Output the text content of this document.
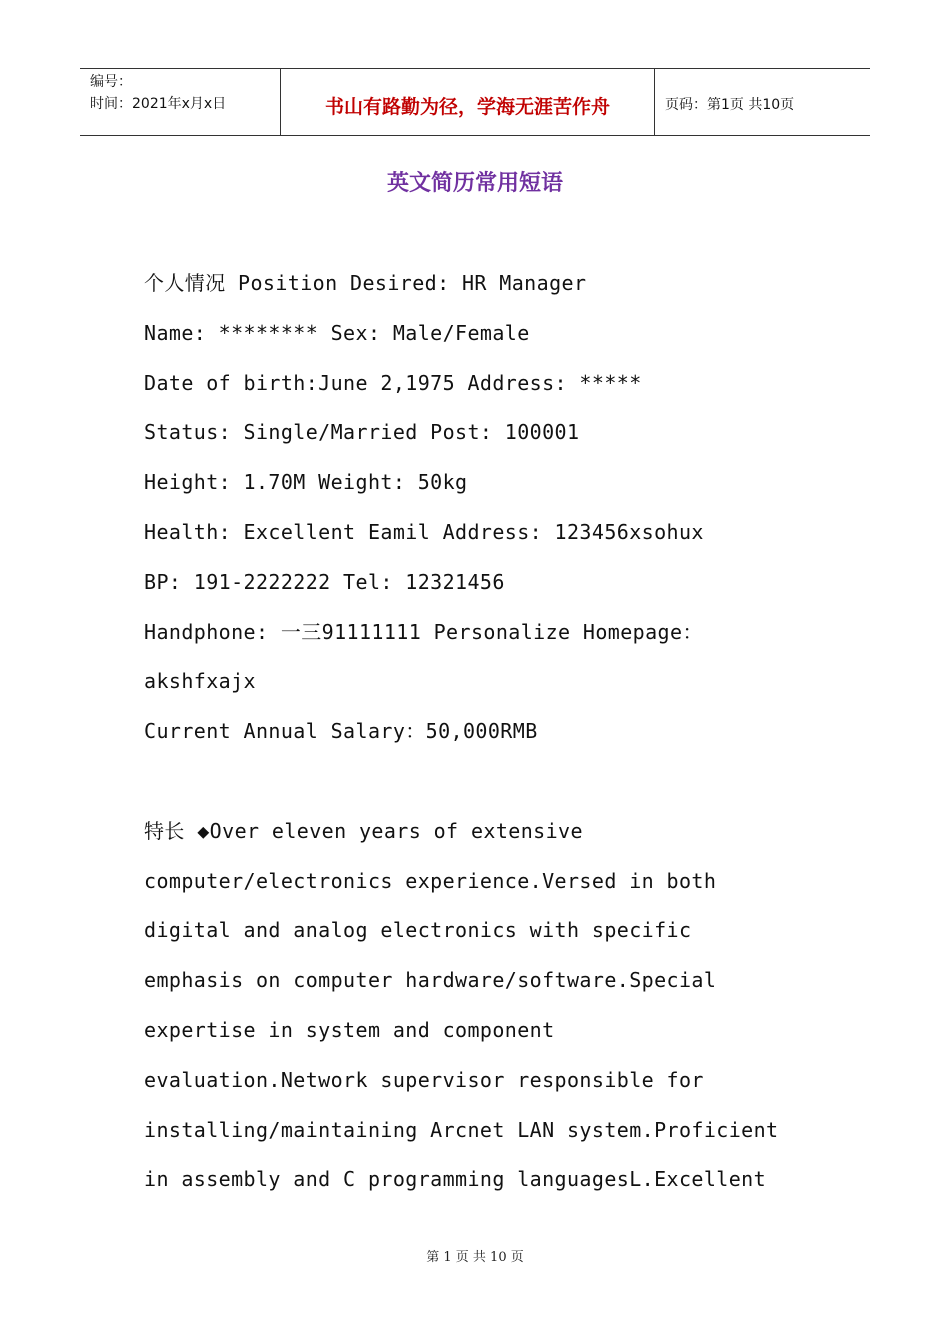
编号：
时间：2021年x月x日	书山有路勤为径，学海无涯苦作舟	页码：第1页 共10页
英文简历常用短语
个人情况 Position Desired: HR Manager
Name: ******** Sex: Male/Female
Date of birth:June 2,1975 Address: *****
Status: Single/Married Post: 100001
Height: 1.70M Weight: 50kg
Health: Excellent Eamil Address: 123456xsohux
BP: 191-2222222 Tel: 12321456
Handphone: 一三91111111 Personalize Homepage：
akshfxajx
Current Annual Salary：50,000RMB
特长 ◆Over eleven years of extensive
computer/electronics experience.Versed in both
digital and analog electronics with specific
emphasis on computer hardware/software.Special
expertise in system and component
evaluation.Network supervisor responsible for
installing/maintaining Arcnet LAN system.Proficient
in assembly and C programming languagesL.Excellent
第 1 页 共 10 页
